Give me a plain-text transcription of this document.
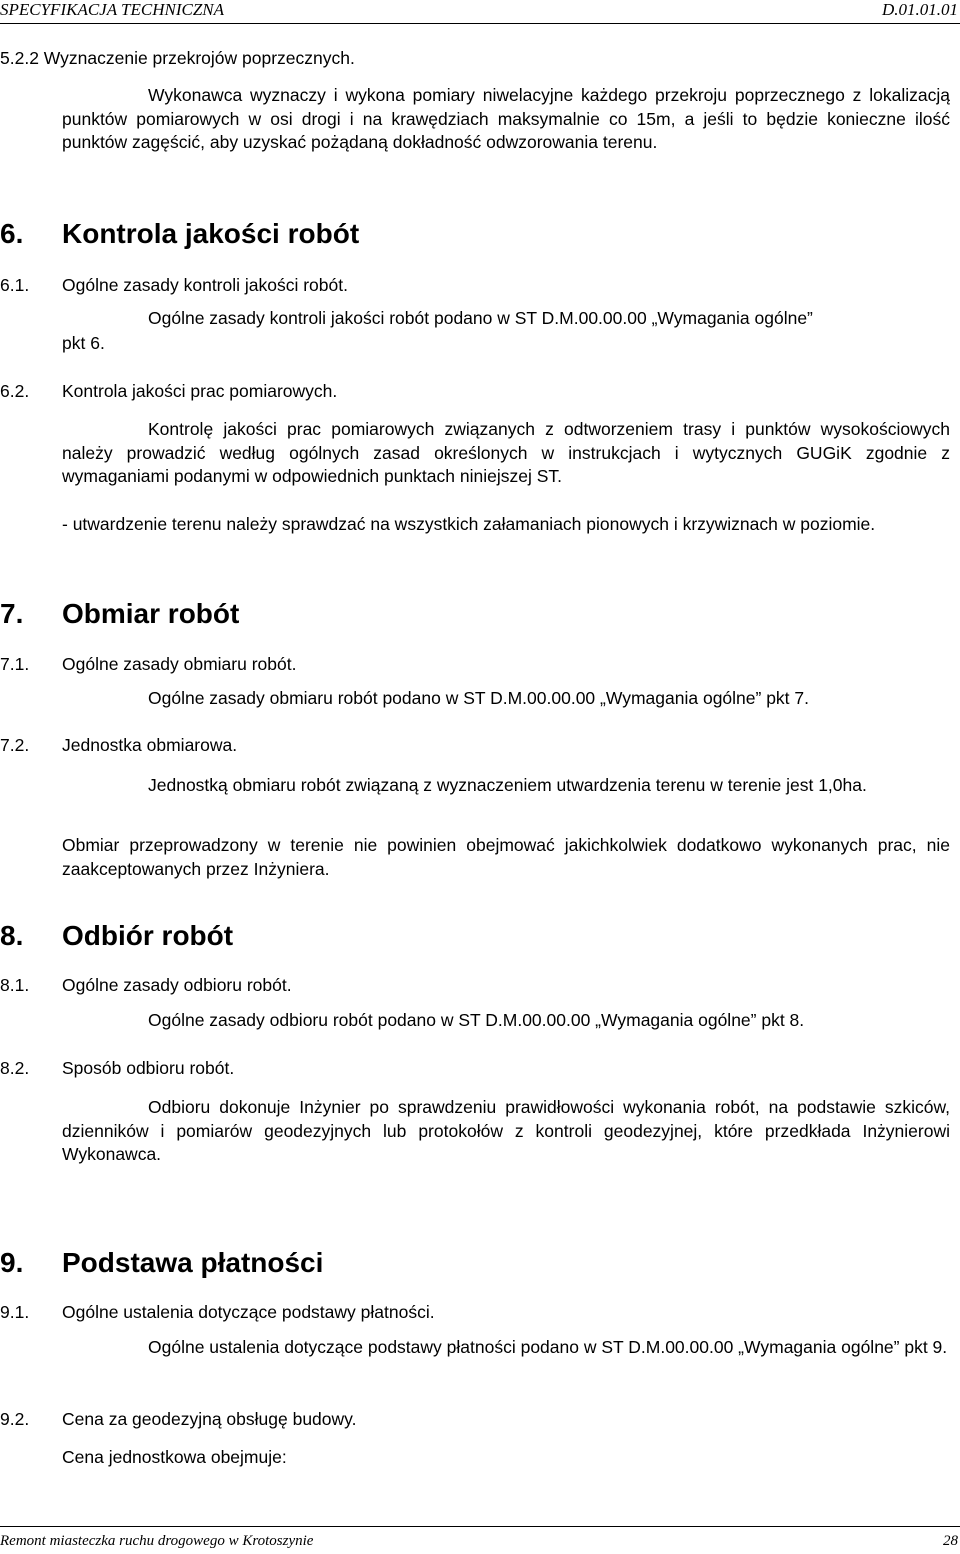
SPECYFIKACJA TECHNICZNA	D.01.01.01
5.2.2 Wyznaczenie przekrojów poprzecznych.
Wykonawca wyznaczy i wykona pomiary niwelacyjne każdego przekroju poprzecznego z lokalizacją punktów pomiarowych w osi drogi i na krawędziach maksymalnie co 15m, a jeśli to będzie konieczne ilość punktów zagęścić, aby uzyskać pożądaną dokładność odwzorowania terenu.
6. Kontrola jakości robót
6.1. Ogólne zasady kontroli jakości robót.
Ogólne zasady kontroli jakości robót podano w ST D.M.00.00.00 „Wymagania ogólne”
pkt 6.
6.2. Kontrola jakości prac pomiarowych.
Kontrolę jakości prac pomiarowych związanych z odtworzeniem trasy i punktów wysokościowych należy prowadzić według ogólnych zasad określonych w instrukcjach i wytycznych GUGiK zgodnie z wymaganiami podanymi w odpowiednich punktach niniejszej ST.
- utwardzenie terenu należy sprawdzać na wszystkich załamaniach pionowych i krzywiznach w poziomie.
7. Obmiar robót
7.1. Ogólne zasady obmiaru robót.
Ogólne zasady obmiaru robót podano w ST D.M.00.00.00 „Wymagania ogólne” pkt 7.
7.2. Jednostka obmiarowa.
Jednostką obmiaru robót związaną z wyznaczeniem utwardzenia terenu w terenie jest 1,0ha.
Obmiar przeprowadzony w terenie nie powinien obejmować jakichkolwiek dodatkowo wykonanych prac, nie zaakceptowanych przez Inżyniera.
8. Odbiór robót
8.1. Ogólne zasady odbioru robót.
Ogólne zasady odbioru robót podano w ST D.M.00.00.00 „Wymagania ogólne” pkt 8.
8.2. Sposób odbioru robót.
Odbioru dokonuje Inżynier po sprawdzeniu prawidłowości wykonania robót, na podstawie szkiców, dzienników i pomiarów geodezyjnych lub protokołów z kontroli geodezyjnej, które przedkłada Inżynierowi Wykonawca.
9. Podstawa płatności
9.1. Ogólne ustalenia dotyczące podstawy płatności.
Ogólne ustalenia dotyczące podstawy płatności podano w ST D.M.00.00.00 „Wymagania ogólne” pkt 9.
9.2. Cena za geodezyjną obsługę budowy.
Cena jednostkowa obejmuje:
Remont miasteczka ruchu drogowego w Krotoszynie	28
